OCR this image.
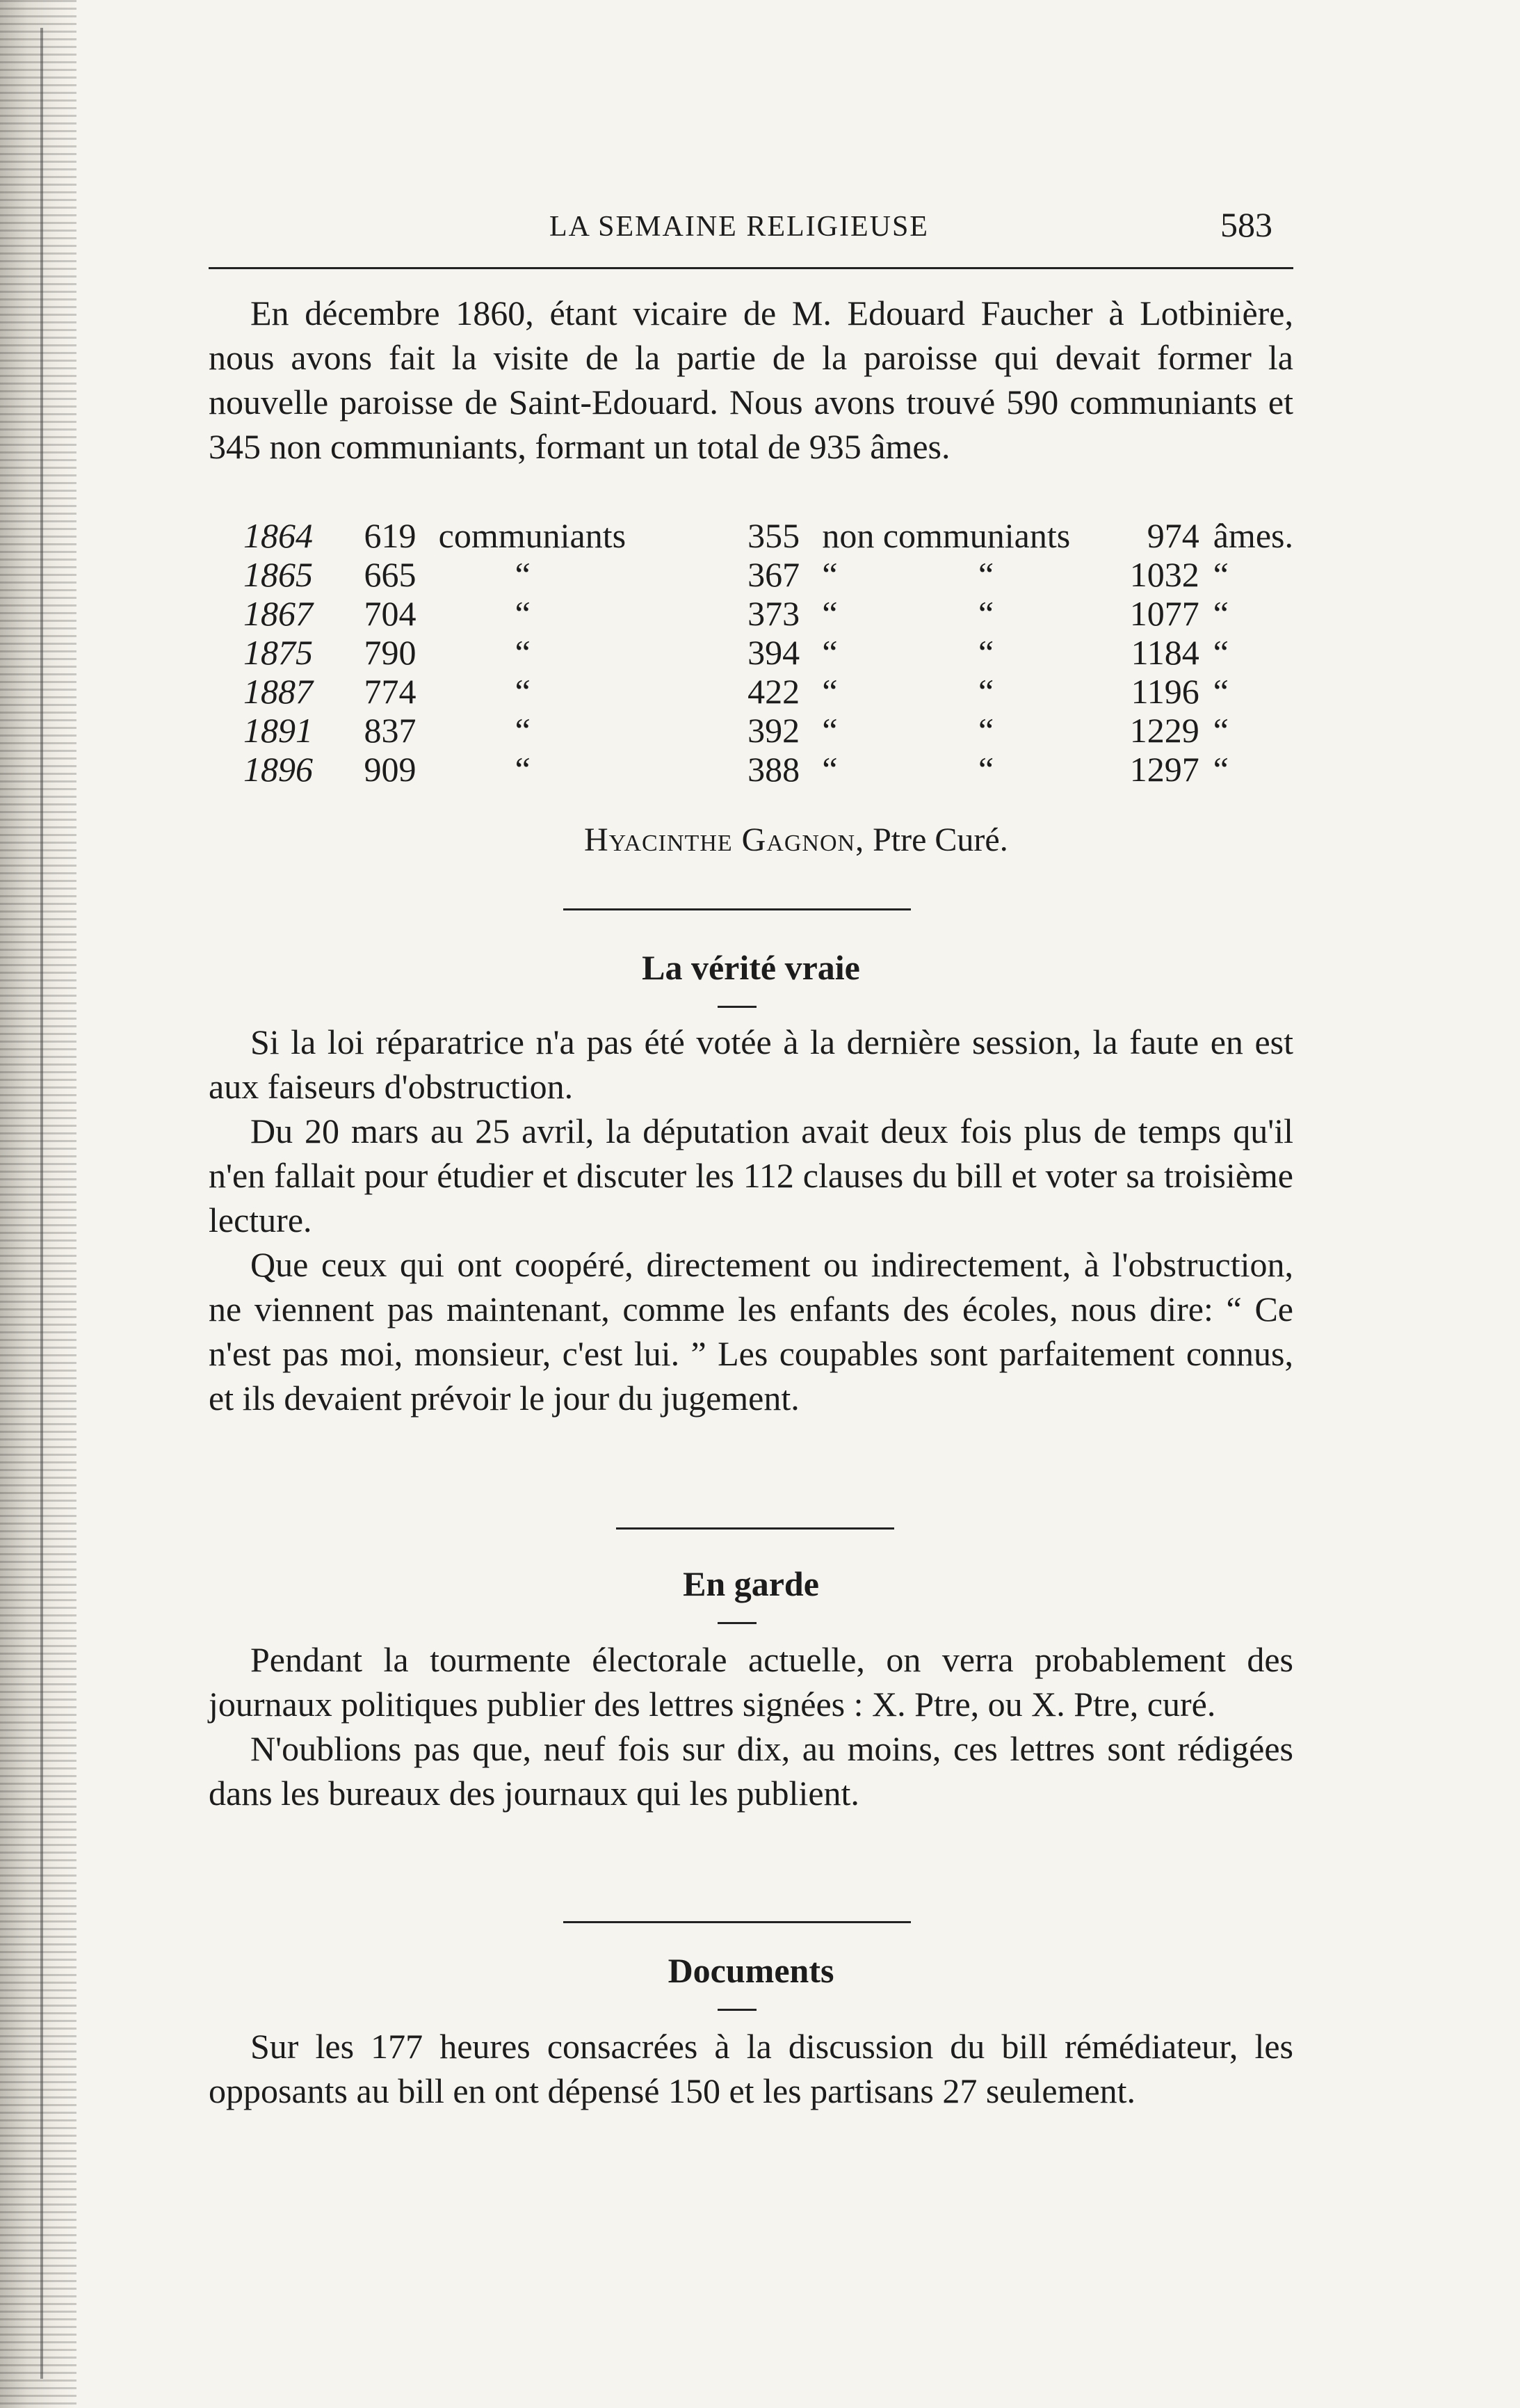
LA SEMAINE RELIGIEUSE	583

En décembre 1860, étant vicaire de M. Edouard Faucher à Lotbinière, nous avons fait la visite de la partie de la paroisse qui devait former la nouvelle paroisse de Saint-Edouard. Nous avons trouvé 590 communiants et 345 non communiants, formant un total de 935 âmes.

1864	619	communiants	355	non communiants	974	âmes.
1865	665	“	367	“ “	1032	“
1867	704	“	373	“ “	1077	“
1875	790	“	394	“ “	1184	“
1887	774	“	422	“ “	1196	“
1891	837	“	392	“ “	1229	“
1896	909	“	388	“ “	1297	“
Hyacinthe Gagnon, Ptre Curé.
La vérité vraie

Si la loi réparatrice n'a pas été votée à la dernière session, la faute en est aux faiseurs d'obstruction.

Du 20 mars au 25 avril, la députation avait deux fois plus de temps qu'il n'en fallait pour étudier et discuter les 112 clauses du bill et voter sa troisième lecture.

Que ceux qui ont coopéré, directement ou indirectement, à l'obstruction, ne viennent pas maintenant, comme les enfants des écoles, nous dire: “ Ce n'est pas moi, monsieur, c'est lui. ” Les coupables sont parfaitement connus, et ils devaient prévoir le jour du jugement.

En garde

Pendant la tourmente électorale actuelle, on verra probablement des journaux politiques publier des lettres signées : X. Ptre, ou X. Ptre, curé.

N'oublions pas que, neuf fois sur dix, au moins, ces lettres sont rédigées dans les bureaux des journaux qui les publient.

Documents

Sur les 177 heures consacrées à la discussion du bill rémédiateur, les opposants au bill en ont dépensé 150 et les partisans 27 seulement.
